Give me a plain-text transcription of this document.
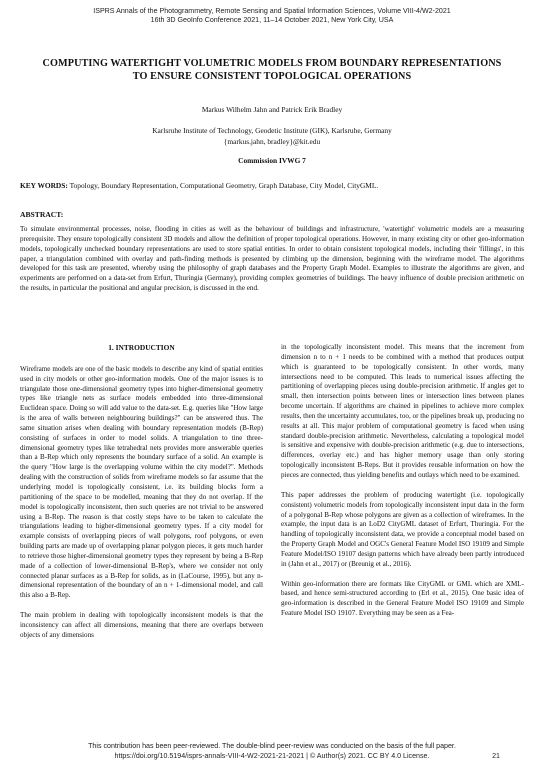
ISPRS Annals of the Photogrammetry, Remote Sensing and Spatial Information Sciences, Volume VIII-4/W2-2021
16th 3D GeoInfo Conference 2021, 11–14 October 2021, New York City, USA
COMPUTING WATERTIGHT VOLUMETRIC MODELS FROM BOUNDARY REPRESENTATIONS TO ENSURE CONSISTENT TOPOLOGICAL OPERATIONS
Markus Wilhelm Jahn and Patrick Erik Bradley
Karlsruhe Institute of Technology, Geodetic Institute (GIK), Karlsruhe, Germany
{markus.jahn, bradley}@kit.edu
Commission IVWG 7
KEY WORDS: Topology, Boundary Representation, Computational Geometry, Graph Database, City Model, CityGML.
ABSTRACT:
To simulate environmental processes, noise, flooding in cities as well as the behaviour of buildings and infrastructure, 'watertight' volumetric models are a measuring prerequisite. They ensure topologically consistent 3D models and allow the definition of proper topological operations. However, in many existing city or other geo-information models, topologically unchecked boundary representations are used to store spatial entities. In order to obtain consistent topological models, including their 'fillings', in this paper, a triangulation combined with overlay and path-finding methods is presented by climbing up the dimension, beginning with the wireframe model. The algorithms developed for this task are presented, whereby using the philosophy of graph databases and the Property Graph Model. Examples to illustrate the algorithms are given, and experiments are performed on a data-set from Erfurt, Thuringia (Germany), providing complex geometries of buildings. The heavy influence of double precision arithmetic on the results, in particular the positional and angular precision, is discussed in the end.
1. INTRODUCTION

Wireframe models are one of the basic models to describe any kind of spatial entities used in city models or other geo-information models. One of the major issues is to triangulate those one-dimensional geometry types into higher-dimensional geometry types like triangle nets as surface models embedded into three-dimensional Euclidean space. Doing so will add value to the data-set. E.g. queries like "How large is the area of walls between neighbouring buildings?" can be answered thus. The same situation arises when dealing with boundary representation models (B-Rep) consisting of surfaces in order to model solids. A triangulation to tine three-dimensional geometry types like tetrahedral nets provides more answerable queries than a B-Rep which only represents the boundary surface of a solid. An example is the query "How large is the overlapping volume within the city model?". Methods dealing with the construction of solids from wireframe models so far assume that the underlying model is topologically consistent, i.e. its building blocks form a partitioning of the space to be modelled, meaning that they do not overlap. If the model is topologically inconsistent, then such queries are not trivial to be answered using a B-Rep. The reason is that costly steps have to be taken to calculate the triangulations leading to higher-dimensional geometry types. If a city model for example consists of overlapping pieces of wall polygons, roof polygons, or even building parts are made up of overlapping planar polygon pieces, it gets much harder to retrieve those higher-dimensional geometry types they represent by being a B-Rep made of a collection of lower-dimensional B-Rep's, where we consider not only connected planar surfaces as a B-Rep for solids, as in (LaCourse, 1995), but any n-dimensional representation of the boundary of an n + 1-dimensional model, and call this also a B-Rep.

The main problem in dealing with topologically inconsistent models is that the inconsistency can affect all dimensions, meaning that there are overlaps between objects of any dimensions

in the topologically inconsistent model. This means that the increment from dimension n to n + 1 needs to be combined with a method that produces output which is guaranteed to be topologically consistent. In other words, many intersections need to be computed. This leads to numerical issues affecting the partitioning of overlapping pieces using double-precision arithmetic. If angles get to small, then intersection points between lines or intersection lines between planes become uncertain. If algorithms are chained in pipelines to achieve more complex results, then the uncertainty accumulates, too, or the pipelines break up, producing no results at all. This major problem of computational geometry is faced when using standard double-precision arithmetic. Nevertheless, calculating a topological model is sensitive and expensive with double-precision arithmetic (e.g. due to intersections, differences, overlay etc.) and has higher memory usage than only storing topologically inconsistent B-Reps. But it provides reusable information on how the pieces are connected, thus yielding benefits and outlays which need to be examined.

This paper addresses the problem of producing watertight (i.e. topologically consistent) volumetric models from topologically inconsistent input data in the form of a polygonal B-Rep whose polygons are given as a collection of wireframes. In the example, the input data is an LoD2 CityGML dataset of Erfurt, Thuringia. For the handling of topologically inconsistent data, we provide a conceptual model based on the Property Graph Model and OGC's General Feature Model ISO 19109 and Simple Feature Model/ISO 19107 design patterns which have already been partly introduced in (Jahn et al., 2017) or (Breunig et al., 2016).

Within geo-information there are formats like CityGML or GML which are XML-based, and hence semi-structured according to (Erl et al., 2015). One basic idea of geo-information is described in the General Feature Model ISO 19109 and Simple Feature Model ISO 19107. Everything may be seen as a Fea-

This contribution has been peer-reviewed. The double-blind peer-review was conducted on the basis of the full paper.
https://doi.org/10.5194/isprs-annals-VIII-4-W2-2021-21-2021 | © Author(s) 2021. CC BY 4.0 License.	21
